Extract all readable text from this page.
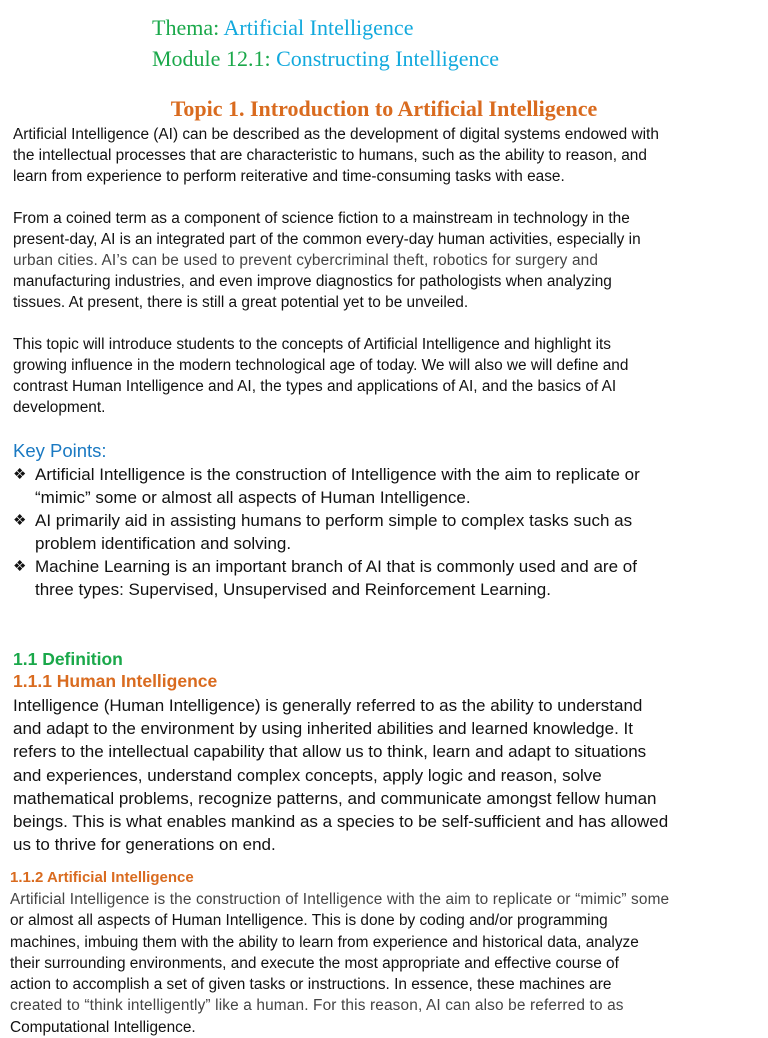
Thema: Artificial Intelligence
Module 12.1: Constructing Intelligence
Topic 1. Introduction to Artificial Intelligence

Artificial Intelligence (AI) can be described as the development of digital systems endowed with
the intellectual processes that are characteristic to humans, such as the ability to reason, and
learn from experience to perform reiterative and time-consuming tasks with ease.

From a coined term as a component of science fiction to a mainstream in technology in the
present-day, AI is an integrated part of the common every-day human activities, especially in
urban cities. AI’s can be used to prevent cybercriminal theft, robotics for surgery and
manufacturing industries, and even improve diagnostics for pathologists when analyzing
tissues. At present, there is still a great potential yet to be unveiled.

This topic will introduce students to the concepts of Artificial Intelligence and highlight its
growing influence in the modern technological age of today. We will also we will define and
contrast Human Intelligence and AI, the types and applications of AI, and the basics of AI
development.

Key Points:
❖ Artificial Intelligence is the construction of Intelligence with the aim to replicate or
“mimic” some or almost all aspects of Human Intelligence.
❖ AI primarily aid in assisting humans to perform simple to complex tasks such as
problem identification and solving.
❖ Machine Learning is an important branch of AI that is commonly used and are of
three types: Supervised, Unsupervised and Reinforcement Learning.
1.1 Definition
1.1.1 Human Intelligence
Intelligence (Human Intelligence) is generally referred to as the ability to understand
and adapt to the environment by using inherited abilities and learned knowledge. It
refers to the intellectual capability that allow us to think, learn and adapt to situations
and experiences, understand complex concepts, apply logic and reason, solve
mathematical problems, recognize patterns, and communicate amongst fellow human
beings. This is what enables mankind as a species to be self-sufficient and has allowed
us to thrive for generations on end.
1.1.2 Artificial Intelligence
Artificial Intelligence is the construction of Intelligence with the aim to replicate or “mimic” some
or almost all aspects of Human Intelligence. This is done by coding and/or programming
machines, imbuing them with the ability to learn from experience and historical data, analyze
their surrounding environments, and execute the most appropriate and effective course of
action to accomplish a set of given tasks or instructions. In essence, these machines are
created to “think intelligently” like a human. For this reason, AI can also be referred to as
Computational Intelligence.
